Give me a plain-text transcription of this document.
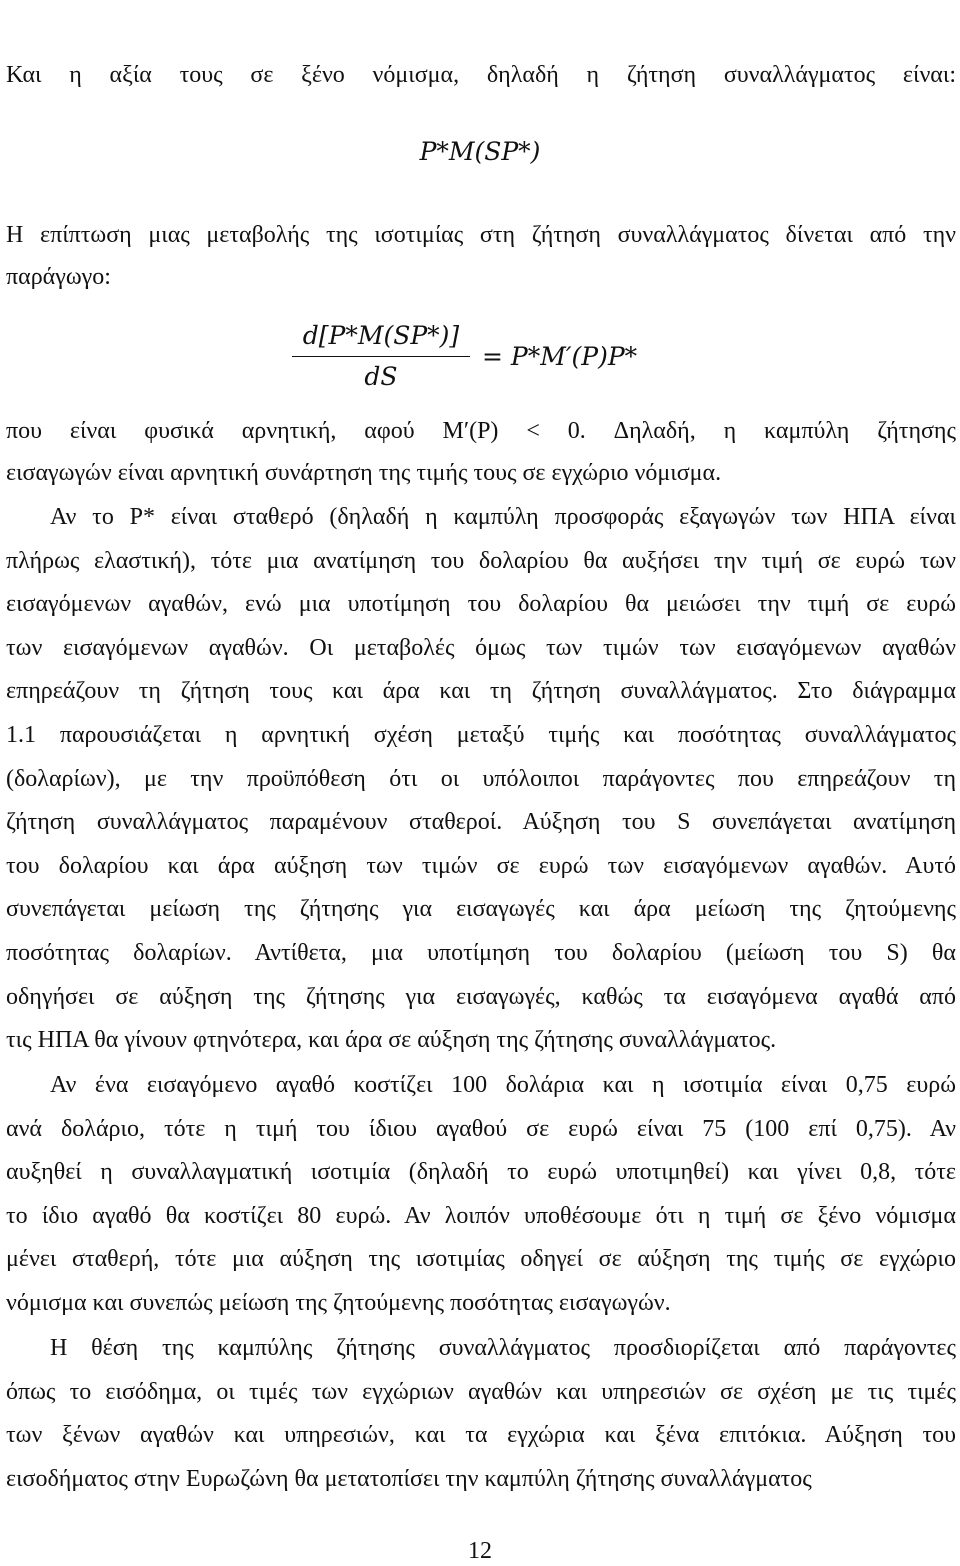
Και η αξία τους σε ξένο νόμισμα, δηλαδή η ζήτηση συναλλάγματος είναι:
P*M(SP*)
Η επίπτωση μιας μεταβολής της ισοτιμίας στη ζήτηση συναλλάγματος δίνεται από την
παράγωγο:
d[P*M(SP*)]
dS
= P*M′(P)P*
που είναι φυσικά αρνητική, αφού M′(P) < 0. Δηλαδή, η καμπύλη ζήτησης
εισαγωγών είναι αρνητική συνάρτηση της τιμής τους σε εγχώριο νόμισμα.
Αν το P* είναι σταθερό (δηλαδή η καμπύλη προσφοράς εξαγωγών των ΗΠΑ είναι
πλήρως ελαστική), τότε μια ανατίμηση του δολαρίου θα αυξήσει την τιμή σε ευρώ των
εισαγόμενων αγαθών, ενώ μια υποτίμηση του δολαρίου θα μειώσει την τιμή σε ευρώ
των εισαγόμενων αγαθών. Οι μεταβολές όμως των τιμών των εισαγόμενων αγαθών
επηρεάζουν τη ζήτηση τους και άρα και τη ζήτηση συναλλάγματος. Στο διάγραμμα
1.1 παρουσιάζεται η αρνητική σχέση μεταξύ τιμής και ποσότητας συναλλάγματος
(δολαρίων), με την προϋπόθεση ότι οι υπόλοιποι παράγοντες που επηρεάζουν τη
ζήτηση συναλλάγματος παραμένουν σταθεροί. Αύξηση του S συνεπάγεται ανατίμηση
του δολαρίου και άρα αύξηση των τιμών σε ευρώ των εισαγόμενων αγαθών. Αυτό
συνεπάγεται μείωση της ζήτησης για εισαγωγές και άρα μείωση της ζητούμενης
ποσότητας δολαρίων. Αντίθετα, μια υποτίμηση του δολαρίου (μείωση του S) θα
οδηγήσει σε αύξηση της ζήτησης για εισαγωγές, καθώς τα εισαγόμενα αγαθά από
τις ΗΠΑ θα γίνουν φτηνότερα, και άρα σε αύξηση της ζήτησης συναλλάγματος.
Αν ένα εισαγόμενο αγαθό κοστίζει 100 δολάρια και η ισοτιμία είναι 0,75 ευρώ
ανά δολάριο, τότε η τιμή του ίδιου αγαθού σε ευρώ είναι 75 (100 επί 0,75). Αν
αυξηθεί η συναλλαγματική ισοτιμία (δηλαδή το ευρώ υποτιμηθεί) και γίνει 0,8, τότε
το ίδιο αγαθό θα κοστίζει 80 ευρώ. Αν λοιπόν υποθέσουμε ότι η τιμή σε ξένο νόμισμα
μένει σταθερή, τότε μια αύξηση της ισοτιμίας οδηγεί σε αύξηση της τιμής σε εγχώριο
νόμισμα και συνεπώς μείωση της ζητούμενης ποσότητας εισαγωγών.
Η θέση της καμπύλης ζήτησης συναλλάγματος προσδιορίζεται από παράγοντες
όπως το εισόδημα, οι τιμές των εγχώριων αγαθών και υπηρεσιών σε σχέση με τις τιμές
των ξένων αγαθών και υπηρεσιών, και τα εγχώρια και ξένα επιτόκια. Αύξηση του
εισοδήματος στην Ευρωζώνη θα μετατοπίσει την καμπύλη ζήτησης συναλλάγματος
12
